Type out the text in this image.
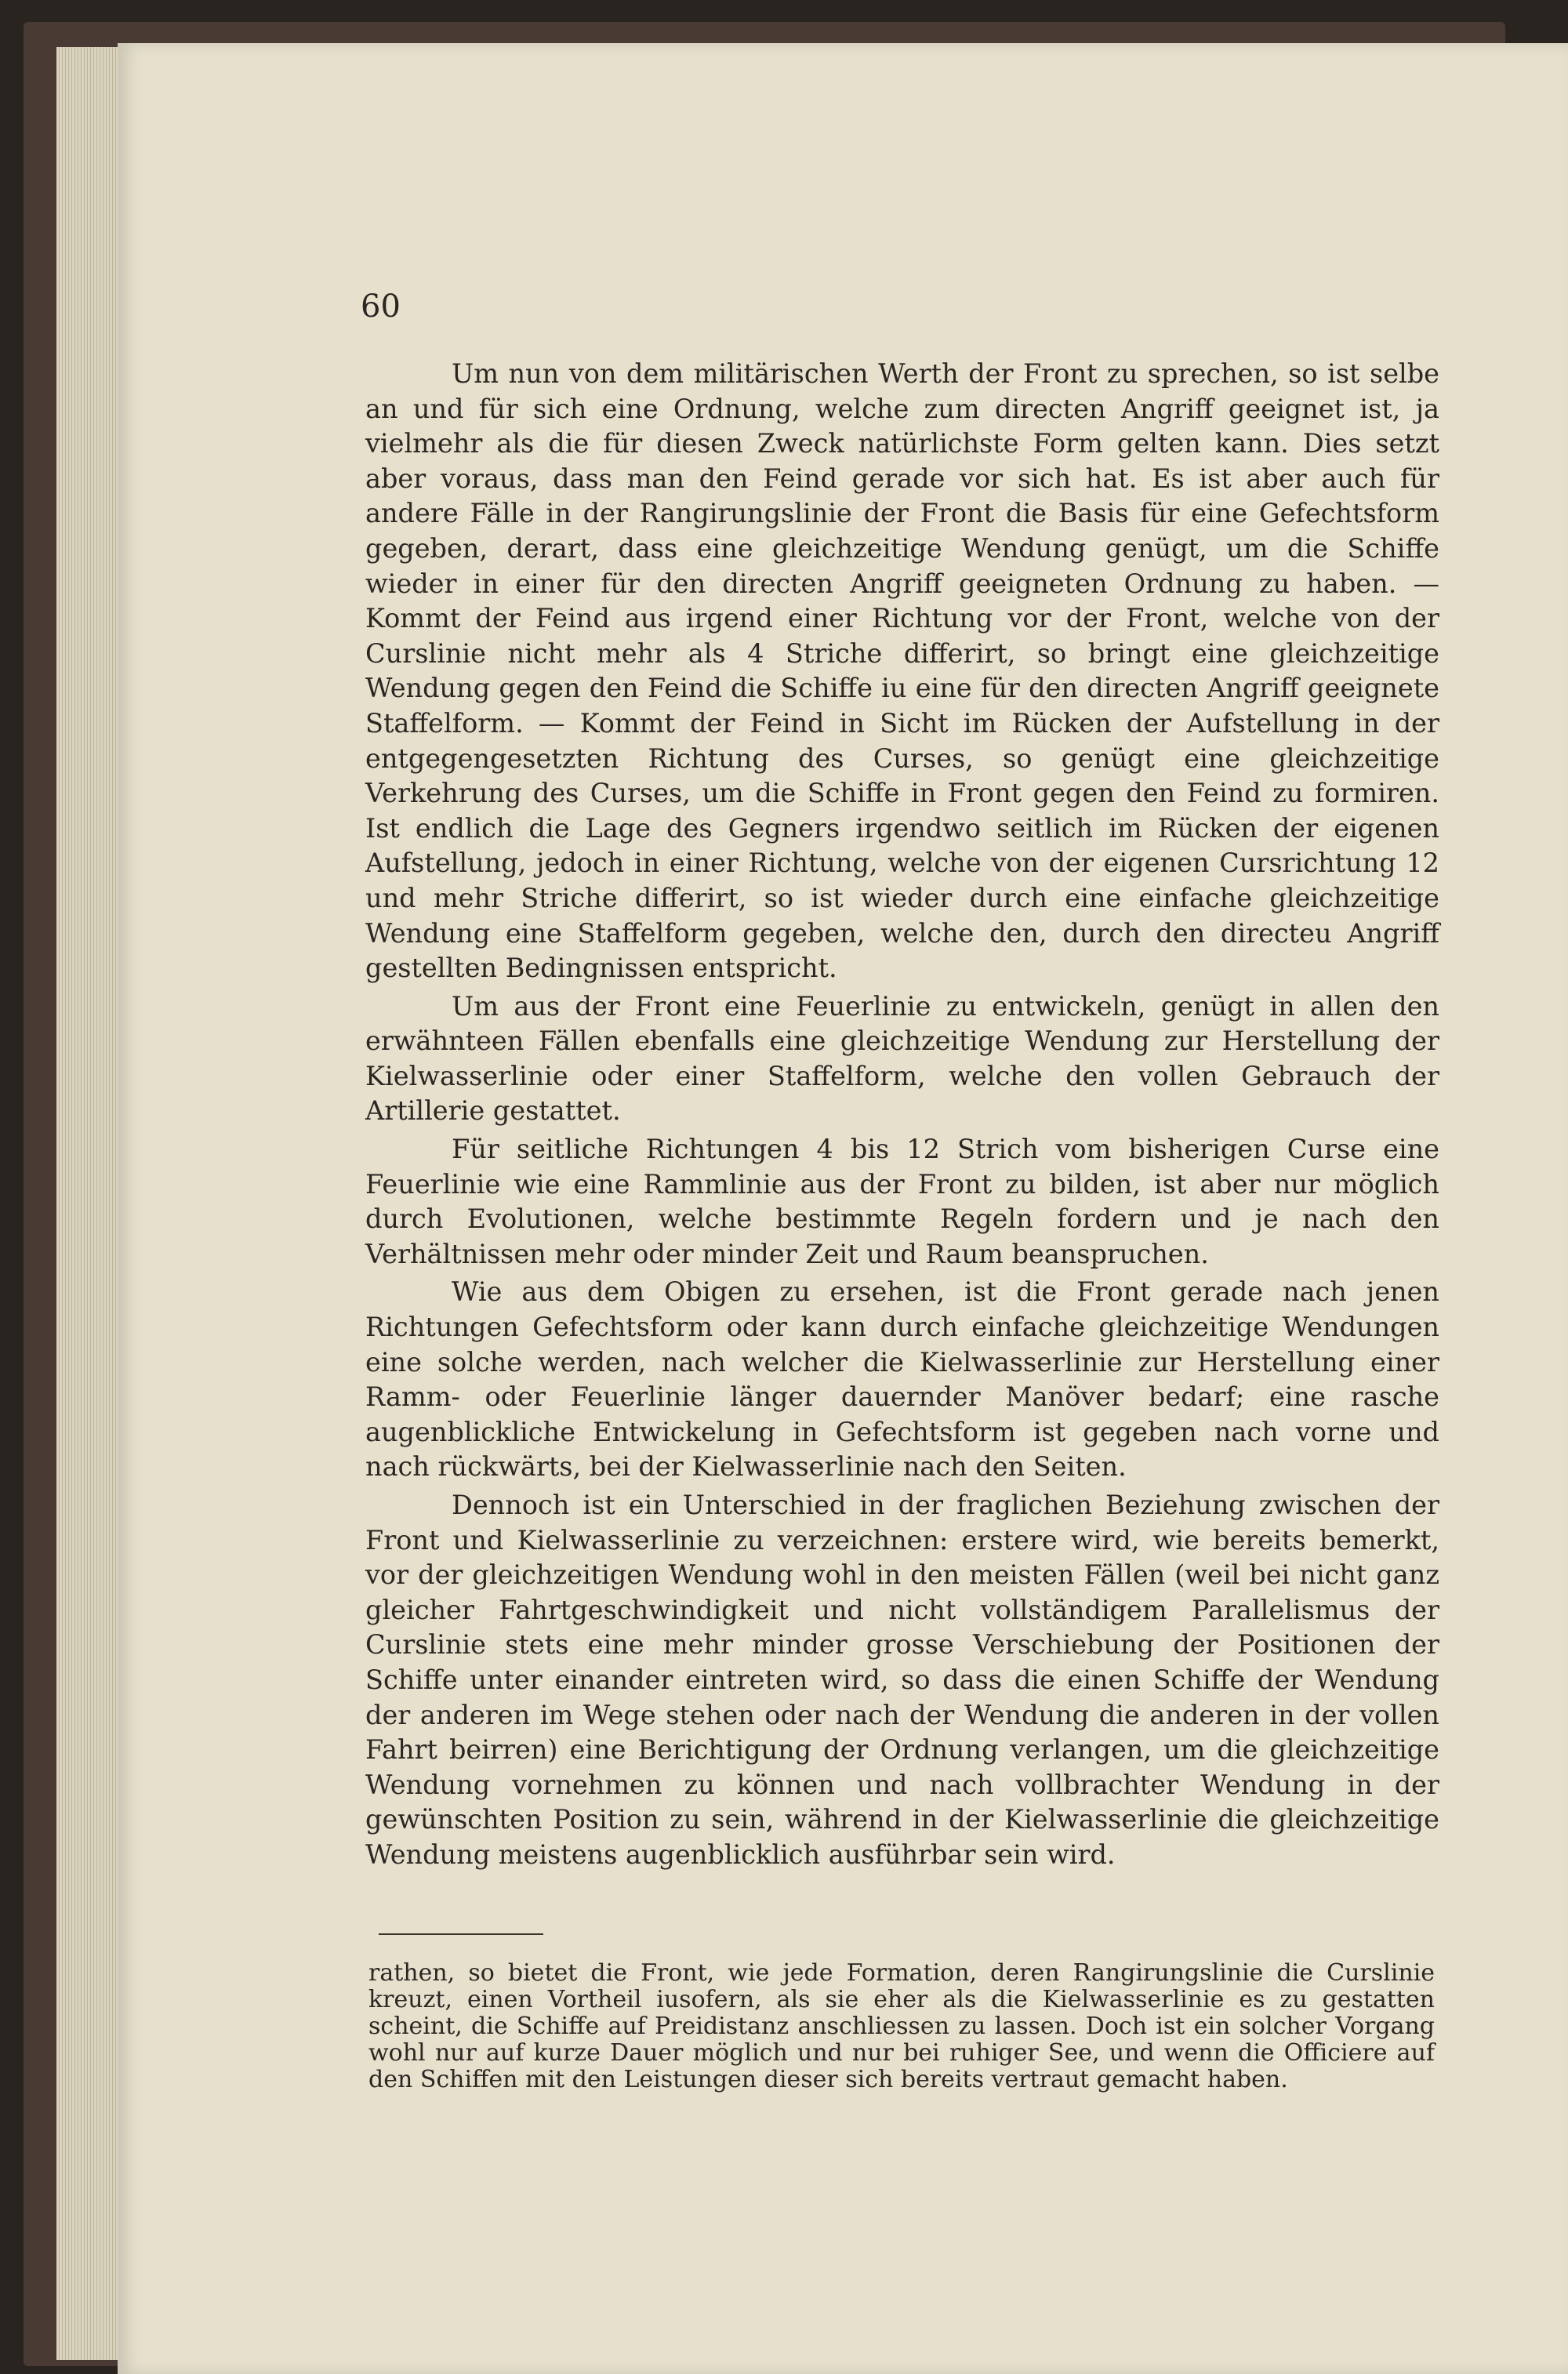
60

Um nun von dem militärischen Werth der Front zu sprechen, so ist selbe an und für sich eine Ordnung, welche zum directen Angriff geeignet ist, ja vielmehr als die für diesen Zweck natürlichste Form gelten kann. Dies setzt aber voraus, dass man den Feind gerade vor sich hat. Es ist aber auch für andere Fälle in der Rangirungslinie der Front die Basis für eine Gefechtsform gegeben, derart, dass eine gleichzeitige Wendung genügt, um die Schiffe wieder in einer für den directen Angriff geeigneten Ordnung zu haben. — Kommt der Feind aus irgend einer Richtung vor der Front, welche von der Curslinie nicht mehr als 4 Striche differirt, so bringt eine gleichzeitige Wendung gegen den Feind die Schiffe iu eine für den directen Angriff geeignete Staffelform. — Kommt der Feind in Sicht im Rücken der Aufstellung in der entgegengesetzten Richtung des Curses, so genügt eine gleichzeitige Verkehrung des Curses, um die Schiffe in Front gegen den Feind zu formiren. Ist endlich die Lage des Gegners irgendwo seitlich im Rücken der eigenen Aufstellung, jedoch in einer Richtung, welche von der eigenen Cursrichtung 12 und mehr Striche differirt, so ist wieder durch eine einfache gleichzeitige Wendung eine Staffelform gegeben, welche den, durch den directeu Angriff gestellten Bedingnissen entspricht.

Um aus der Front eine Feuerlinie zu entwickeln, genügt in allen den erwähnteen Fällen ebenfalls eine gleichzeitige Wendung zur Herstellung der Kielwasserlinie oder einer Staffelform, welche den vollen Gebrauch der Artillerie gestattet.

Für seitliche Richtungen 4 bis 12 Strich vom bisherigen Curse eine Feuerlinie wie eine Rammlinie aus der Front zu bilden, ist aber nur möglich durch Evolutionen, welche bestimmte Regeln fordern und je nach den Verhältnissen mehr oder minder Zeit und Raum beanspruchen.

Wie aus dem Obigen zu ersehen, ist die Front gerade nach jenen Richtungen Gefechtsform oder kann durch einfache gleichzeitige Wendungen eine solche werden, nach welcher die Kielwasserlinie zur Herstellung einer Ramm- oder Feuerlinie länger dauernder Manöver bedarf; eine rasche augenblickliche Entwickelung in Gefechtsform ist gegeben nach vorne und nach rückwärts, bei der Kielwasserlinie nach den Seiten.

Dennoch ist ein Unterschied in der fraglichen Beziehung zwischen der Front und Kielwasserlinie zu verzeichnen: erstere wird, wie bereits bemerkt, vor der gleichzeitigen Wendung wohl in den meisten Fällen (weil bei nicht ganz gleicher Fahrtgeschwindigkeit und nicht vollständigem Parallelismus der Curslinie stets eine mehr minder grosse Verschiebung der Positionen der Schiffe unter einander eintreten wird, so dass die einen Schiffe der Wendung der anderen im Wege stehen oder nach der Wendung die anderen in der vollen Fahrt beirren) eine Berichtigung der Ordnung verlangen, um die gleichzeitige Wendung vornehmen zu können und nach vollbrachter Wendung in der gewünschten Position zu sein, während in der Kielwasserlinie die gleichzeitige Wendung meistens augenblicklich ausführbar sein wird.

rathen, so bietet die Front, wie jede Formation, deren Rangirungslinie die Curslinie kreuzt, einen Vortheil iusofern, als sie eher als die Kielwasserlinie es zu gestatten scheint, die Schiffe auf Preidistanz anschliessen zu lassen. Doch ist ein solcher Vorgang wohl nur auf kurze Dauer möglich und nur bei ruhiger See, und wenn die Officiere auf den Schiffen mit den Leistungen dieser sich bereits vertraut gemacht haben.
